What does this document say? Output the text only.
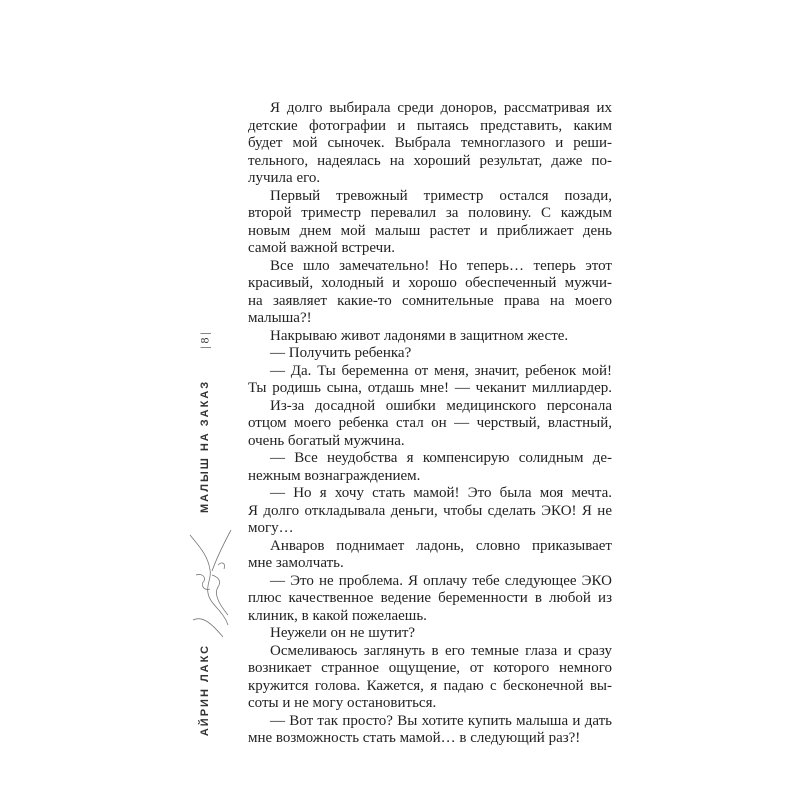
Я долго выбирала среди доноров, рассматривая их
детские фотографии и пытаясь представить, каким
будет мой сыночек. Выбрала темноглазого и реши-
тельного, надеялась на хороший результат, даже по-
лучила его.
Первый тревожный триместр остался позади,
второй триместр перевалил за половину. С каждым
новым днем мой малыш растет и приближает день
самой важной встречи.
Все шло замечательно! Но теперь… теперь этот
красивый, холодный и хорошо обеспеченный мужчи-
на заявляет какие-то сомнительные права на моего
малыша?!
Накрываю живот ладонями в защитном жесте.
— Получить ребенка?
— Да. Ты беременна от меня, значит, ребенок мой!
Ты родишь сына, отдашь мне! — чеканит миллиардер.
Из-за досадной ошибки медицинского персонала
отцом моего ребенка стал он — черствый, властный,
очень богатый мужчина.
— Все неудобства я компенсирую солидным де-
нежным вознаграждением.
— Но я хочу стать мамой! Это была моя мечта.
Я долго откладывала деньги, чтобы сделать ЭКО! Я не
могу…
Анваров поднимает ладонь, словно приказывает
мне замолчать.
— Это не проблема. Я оплачу тебе следующее ЭКО
плюс качественное ведение беременности в любой из
клиник, в какой пожелаешь.
Неужели он не шутит?
Осмеливаюсь заглянуть в его темные глаза и сразу
возникает странное ощущение, от которого немного
кружится голова. Кажется, я падаю с бесконечной вы-
соты и не могу остановиться.
— Вот так просто? Вы хотите купить малыша и дать
мне возможность стать мамой… в следующий раз?!
АЙРИН ЛАКС
МАЛЫШ НА ЗАКАЗ
| 8 |
